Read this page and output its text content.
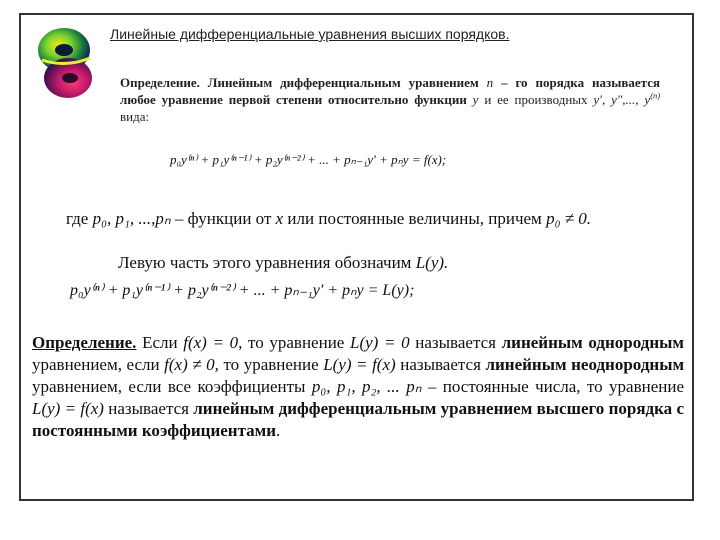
Линейные дифференциальные уравнения высших порядков.
Определение. Линейным дифференциальным уравнением n – го порядка называется любое уравнение первой степени относительно функции y и ее производных y′, y″,..., $y^{(n)}$ вида:
p₀y⁽ⁿ⁾ + p₁y⁽ⁿ⁻¹⁾ + p₂y⁽ⁿ⁻²⁾ + ... + pₙ₋₁y′ + pₙy = f(x);
где p₀, p₁, ...,pₙ – функции от x или постоянные величины, причем p₀ ≠ 0.
Левую часть этого уравнения обозначим L(y).
p₀y⁽ⁿ⁾ + p₁y⁽ⁿ⁻¹⁾ + p₂y⁽ⁿ⁻²⁾ + ... + pₙ₋₁y′ + pₙy = L(y);
Определение. Если f(x) = 0, то уравнение L(y) = 0 называется линейным однородным уравнением, если f(x) ≠ 0, то уравнение L(y) = f(x) называется линейным неоднородным уравнением, если все коэффициенты p₀, p₁, p₂, ... pₙ – постоянные числа, то уравнение L(y) = f(x) называется линейным дифференциальным уравнением высшего порядка с постоянными коэффициентами.
